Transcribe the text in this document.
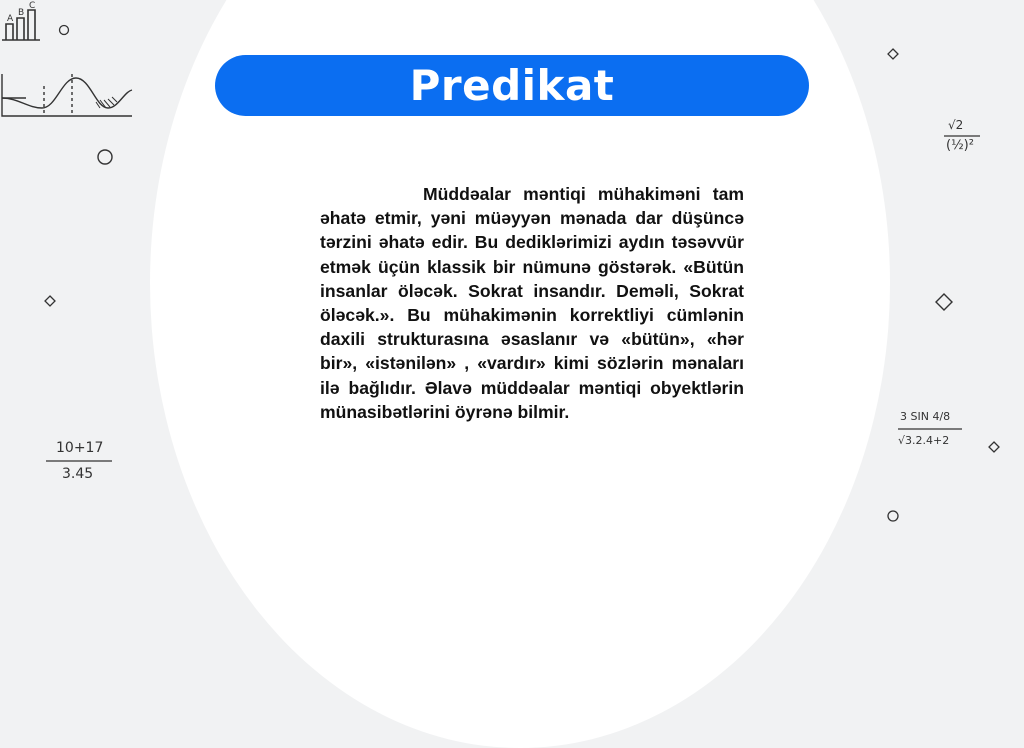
A
B
C
10+17
3.45
√2
(½)²
3 SIN 4/8
√3.2.4+2
Predikat
Müddəalar məntiqi mühakiməni tam əhatə etmir, yəni müəyyən mənada dar düşüncə tərzini əhatə edir. Bu dediklərimizi aydın təsəvvür etmək üçün klassik bir nümunə göstərək. «Bütün insanlar öləcək. Sokrat insandır. Deməli, Sokrat öləcək.». Bu mühakimənin korrektliyi cümlənin daxili strukturasına əsaslanır və «bütün», «hər bir», «istənilən» , «vardır» kimi sözlərin mənaları ilə bağlıdır. Əlavə müddəalar məntiqi obyektlərin münasibətlərini öyrənə bilmir.
